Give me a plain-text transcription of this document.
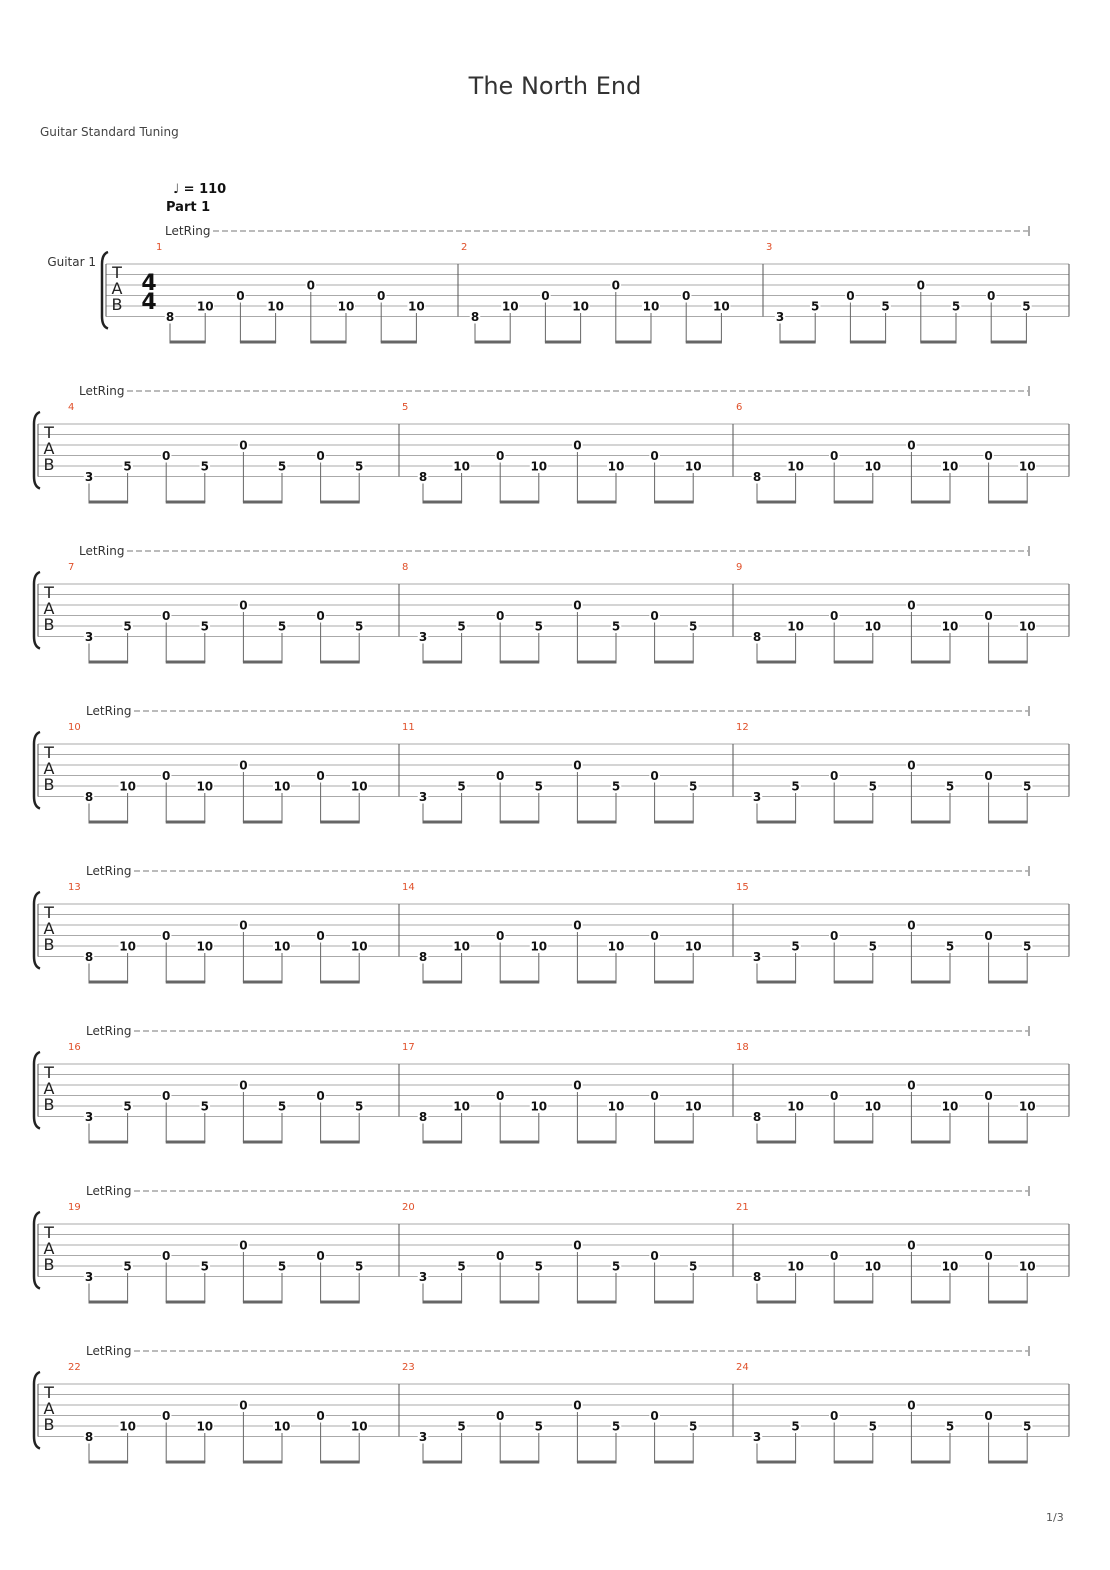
The North End
Guitar Standard Tuning
T
A
B
LetRing
♩ = 110
Part 1
Guitar 1
4
4
1
8
10
0
10
0
10
0
10
2
8
10
0
10
0
10
0
10
3
3
5
0
5
0
5
0
5
T
A
B
LetRing
4
3
5
0
5
0
5
0
5
5
8
10
0
10
0
10
0
10
6
8
10
0
10
0
10
0
10
T
A
B
LetRing
7
3
5
0
5
0
5
0
5
8
3
5
0
5
0
5
0
5
9
8
10
0
10
0
10
0
10
T
A
B
LetRing
10
8
10
0
10
0
10
0
10
11
3
5
0
5
0
5
0
5
12
3
5
0
5
0
5
0
5
T
A
B
LetRing
13
8
10
0
10
0
10
0
10
14
8
10
0
10
0
10
0
10
15
3
5
0
5
0
5
0
5
T
A
B
LetRing
16
3
5
0
5
0
5
0
5
17
8
10
0
10
0
10
0
10
18
8
10
0
10
0
10
0
10
T
A
B
LetRing
19
3
5
0
5
0
5
0
5
20
3
5
0
5
0
5
0
5
21
8
10
0
10
0
10
0
10
T
A
B
LetRing
22
8
10
0
10
0
10
0
10
23
3
5
0
5
0
5
0
5
24
3
5
0
5
0
5
0
5
1/3
